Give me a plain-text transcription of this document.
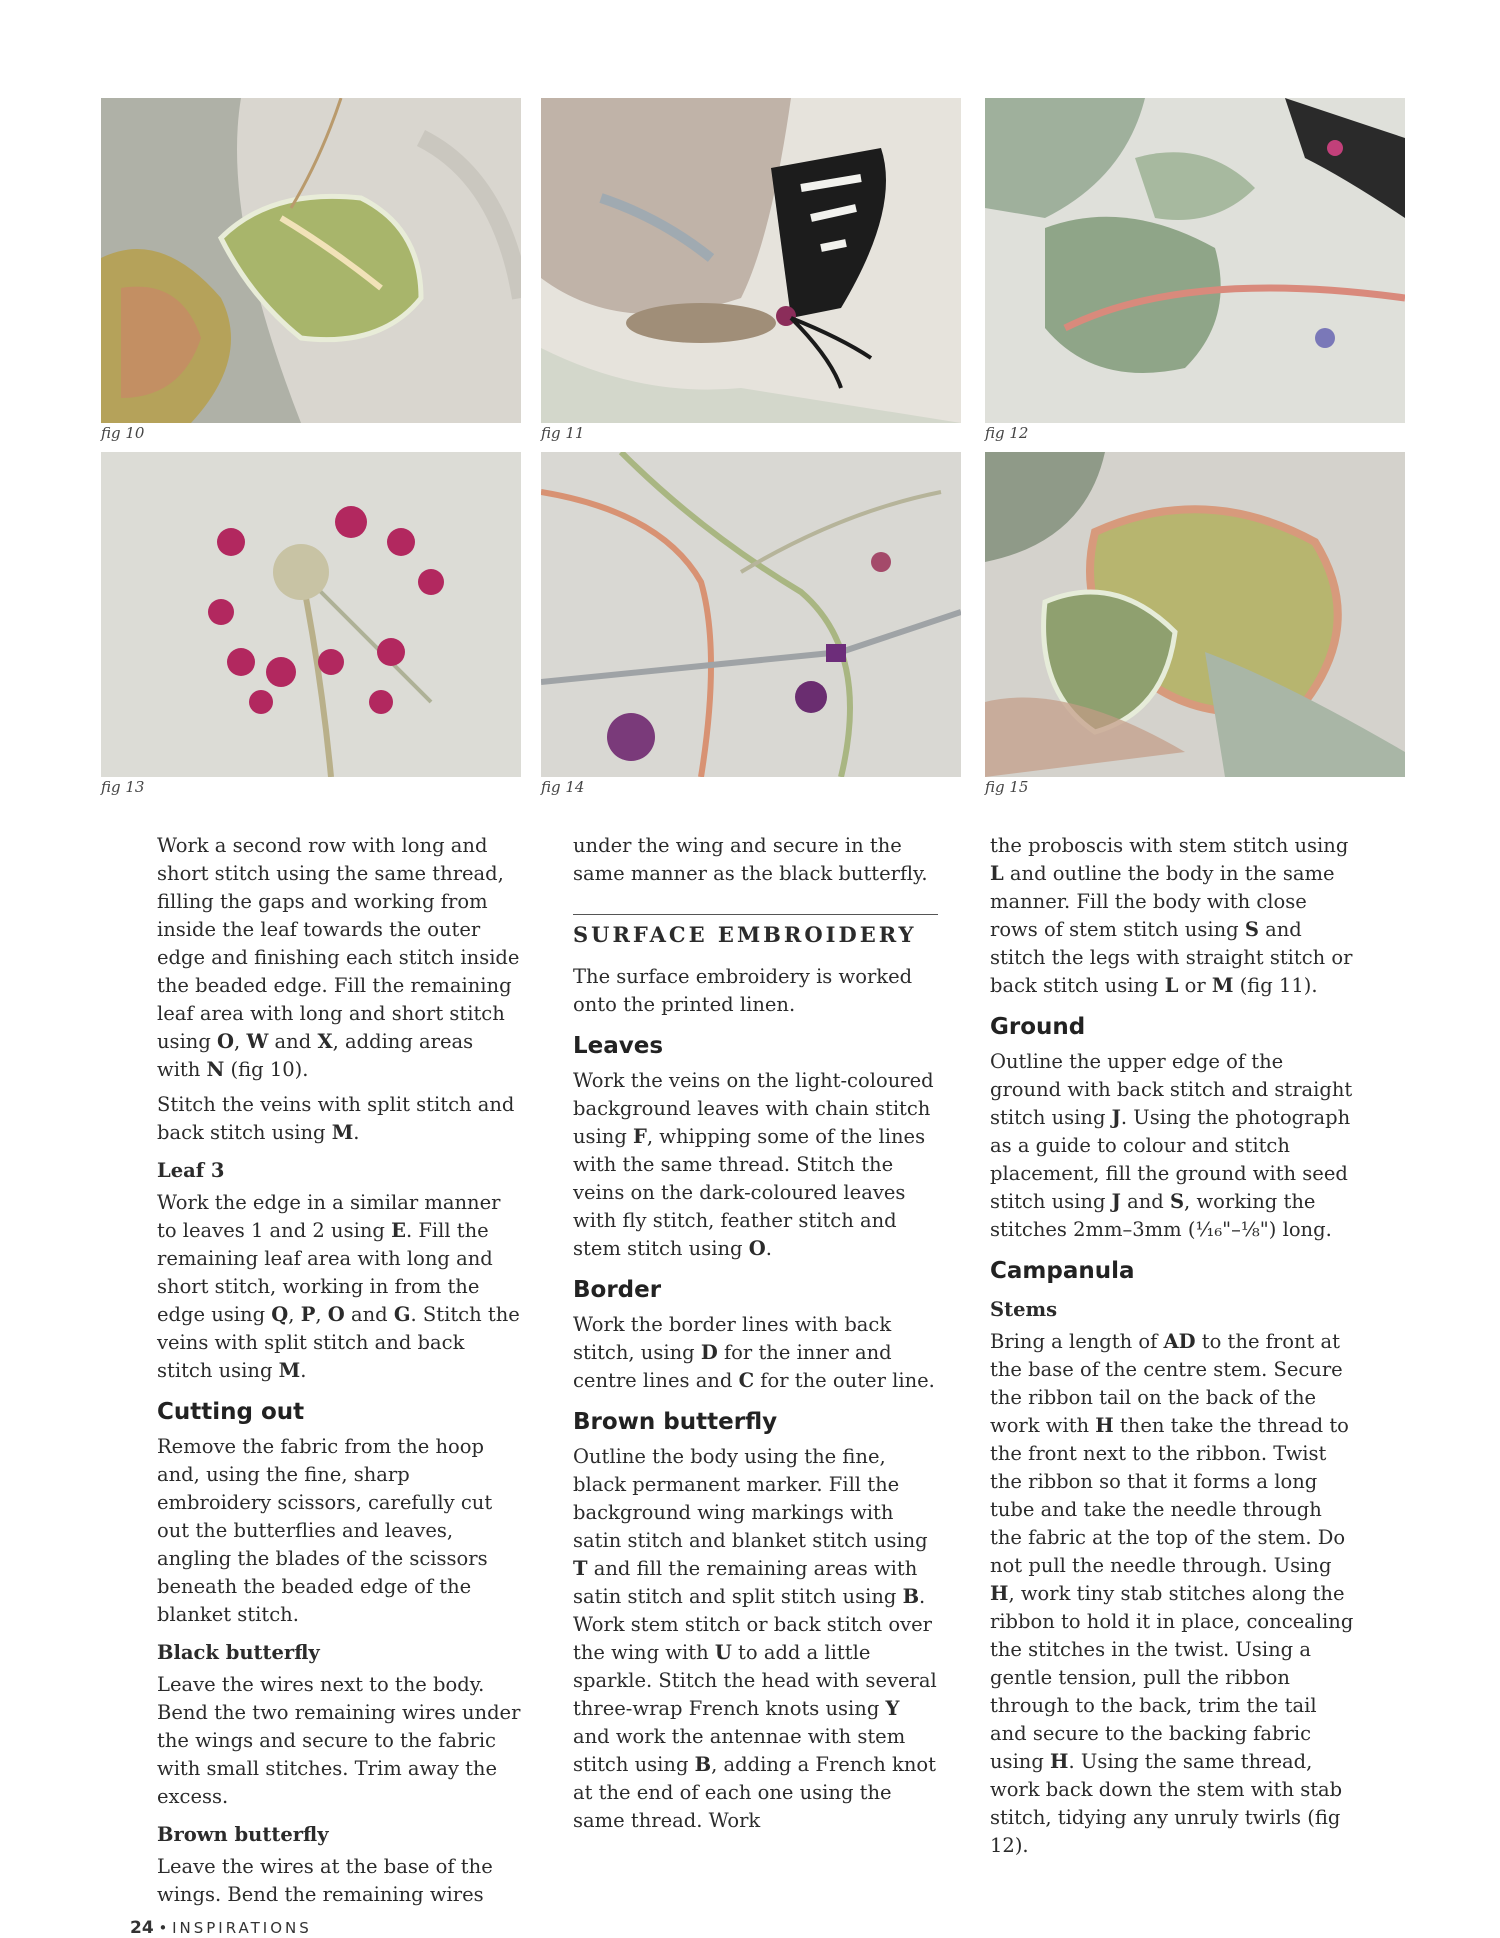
fig 10	fig 11	fig 12
fig 13	fig 14	fig 15

Work a second row with long and short stitch using the same thread, filling the gaps and working from inside the leaf towards the outer edge and finishing each stitch inside the beaded edge. Fill the remaining leaf area with long and short stitch using O, W and X, adding areas with N (fig 10).

Stitch the veins with split stitch and back stitch using M.

Leaf 3

Work the edge in a similar manner to leaves 1 and 2 using E. Fill the remaining leaf area with long and short stitch, working in from the edge using Q, P, O and G. Stitch the veins with split stitch and back stitch using M.

Cutting out

Remove the fabric from the hoop and, using the fine, sharp embroidery scissors, carefully cut out the butterflies and leaves, angling the blades of the scissors beneath the beaded edge of the blanket stitch.

Black butterfly

Leave the wires next to the body. Bend the two remaining wires under the wings and secure to the fabric with small stitches. Trim away the excess.

Brown butterfly

Leave the wires at the base of the wings. Bend the remaining wires

under the wing and secure in the same manner as the black butterfly.

SURFACE EMBROIDERY

The surface embroidery is worked onto the printed linen.

Leaves

Work the veins on the light-coloured background leaves with chain stitch using F, whipping some of the lines with the same thread. Stitch the veins on the dark-coloured leaves with fly stitch, feather stitch and stem stitch using O.

Border

Work the border lines with back stitch, using D for the inner and centre lines and C for the outer line.

Brown butterfly

Outline the body using the fine, black permanent marker. Fill the background wing markings with satin stitch and blanket stitch using T and fill the remaining areas with satin stitch and split stitch using B. Work stem stitch or back stitch over the wing with U to add a little sparkle. Stitch the head with several three-wrap French knots using Y and work the antennae with stem stitch using B, adding a French knot at the end of each one using the same thread. Work

the proboscis with stem stitch using L and outline the body in the same manner. Fill the body with close rows of stem stitch using S and stitch the legs with straight stitch or back stitch using L or M (fig 11).

Ground

Outline the upper edge of the ground with back stitch and straight stitch using J. Using the photograph as a guide to colour and stitch placement, fill the ground with seed stitch using J and S, working the stitches 2mm–3mm (¹⁄₁₆"–⅛") long.

Campanula
Stems

Bring a length of AD to the front at the base of the centre stem. Secure the ribbon tail on the back of the work with H then take the thread to the front next to the ribbon. Twist the ribbon so that it forms a long tube and take the needle through the fabric at the top of the stem. Do not pull the needle through. Using H, work tiny stab stitches along the ribbon to hold it in place, concealing the stitches in the twist. Using a gentle tension, pull the ribbon through to the back, trim the tail and secure to the backing fabric using H. Using the same thread, work back down the stem with stab stitch, tidying any unruly twirls (fig 12).

24 • INSPIRATIONS
